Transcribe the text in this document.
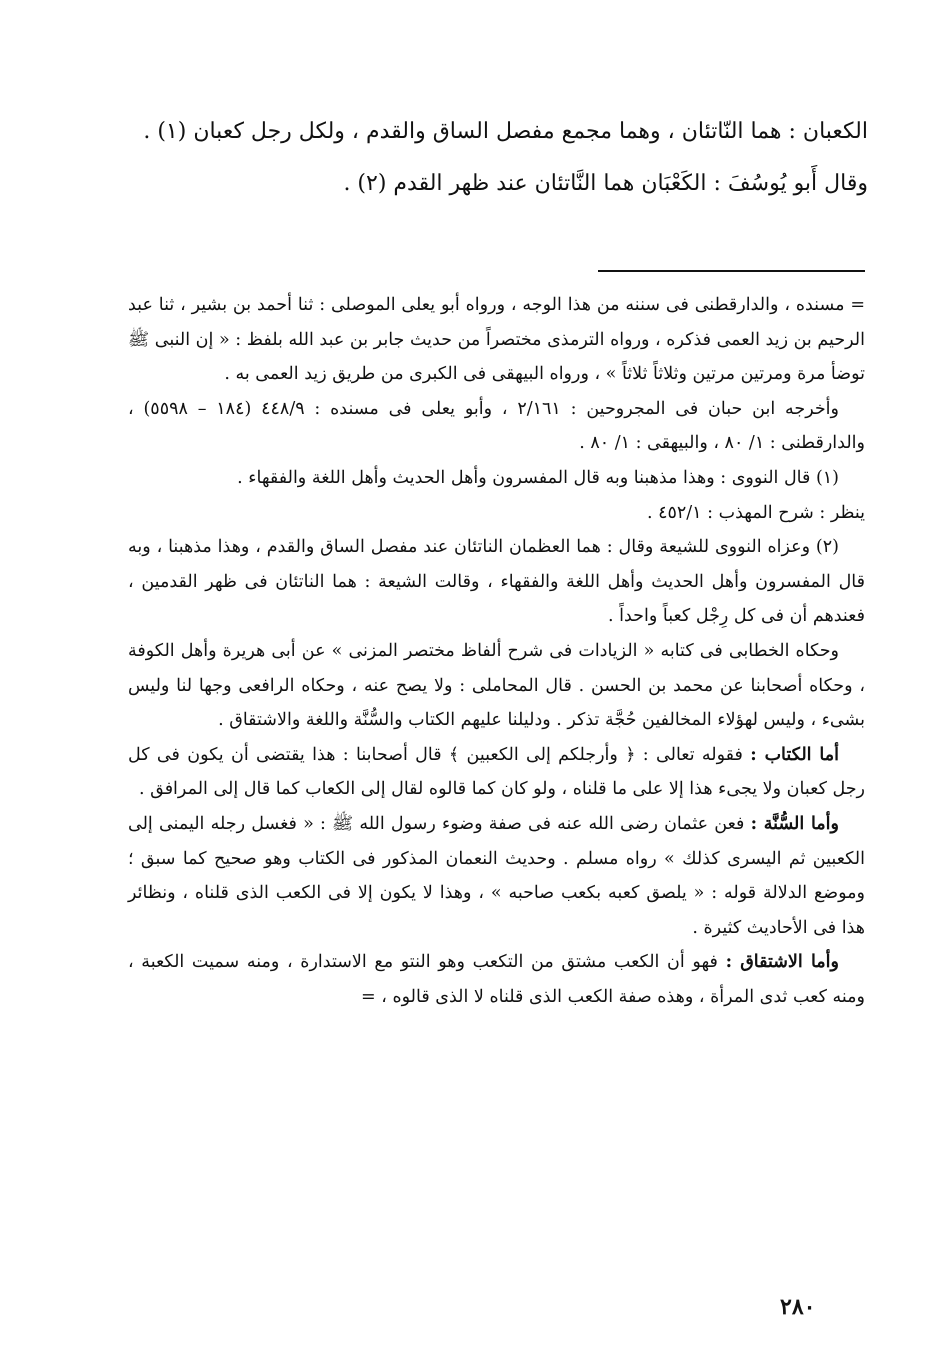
الكعبان : هما النّاتئان ، وهما مجمع مفصل الساق والقدم ، ولكل رجل كعبان (١) .

وقال أَبو يُوسُفَ : الكَعْبَان هما النَّاتئان عند ظهر القدم (٢) .

= مسنده ، والدارقطنى فى سننه من هذا الوجه ، ورواه أبو يعلى الموصلى : ثنا أحمد بن بشير ، ثنا عبد الرحيم بن زيد العمى فذكره ، ورواه الترمذى مختصراً من حديث جابر بن عبد الله بلفظ : « إن النبى ﷺ توضأ مرة ومرتين مرتين وثلاثاً ثلاثاً » ، ورواه البيهقى فى الكبرى من طريق زيد العمى به .

وأخرجه ابن حبان فى المجروحين : ٢/١٦١ ، وأبو يعلى فى مسنده : ٤٤٨/٩ (١٨٤ – ٥٥٩٨) ، والدارقطنى : ١/ ٨٠ ، والبيهقى : ١/ ٨٠ .

(١) قال النووى : وهذا مذهبنا وبه قال المفسرون وأهل الحديث وأهل اللغة والفقهاء .

ينظر : شرح المهذب : ٤٥٢/١ .

(٢) وعزاه النووى للشيعة وقال : هما العظمان الناتئان عند مفصل الساق والقدم ، وهذا مذهبنا ، وبه قال المفسرون وأهل الحديث وأهل اللغة والفقهاء ، وقالت الشيعة : هما الناتئان فى ظهر القدمين ، فعندهم أن فى كل رِجْل كعباً واحداً .

وحكاه الخطابى فى كتابه « الزيادات فى شرح ألفاظ مختصر المزنى » عن أبى هريرة وأهل الكوفة ، وحكاه أصحابنا عن محمد بن الحسن . قال المحاملى : ولا يصح عنه ، وحكاه الرافعى وجها لنا وليس بشىء ، وليس لهؤلاء المخالفين حُجَّة تذكر . ودليلنا عليهم الكتاب والسُّنَّة واللغة والاشتقاق .

أما الكتاب : فقوله تعالى : ﴿ وأرجلكم إلى الكعبين ﴾ قال أصحابنا : هذا يقتضى أن يكون فى كل رجل كعبان ولا يجىء هذا إلا على ما قلناه ، ولو كان كما قالوه لقال إلى الكعاب كما قال إلى المرافق .

وأما السُّنَّة : فعن عثمان رضى الله عنه فى صفة وضوء رسول الله ﷺ : « فغسل رجله اليمنى إلى الكعبين ثم اليسرى كذلك » رواه مسلم . وحديث النعمان المذكور فى الكتاب وهو صحيح كما سبق ؛ وموضع الدلالة قوله : « يلصق كعبه بكعب صاحبه » ، وهذا لا يكون إلا فى الكعب الذى قلناه ، ونظائر هذا فى الأحاديث كثيرة .

وأما الاشتقاق : فهو أن الكعب مشتق من التكعب وهو النتو مع الاستدارة ، ومنه سميت الكعبة ، ومنه كعب ثدى المرأة ، وهذه صفة الكعب الذى قلناه لا الذى قالوه ، =

٢٨٠
